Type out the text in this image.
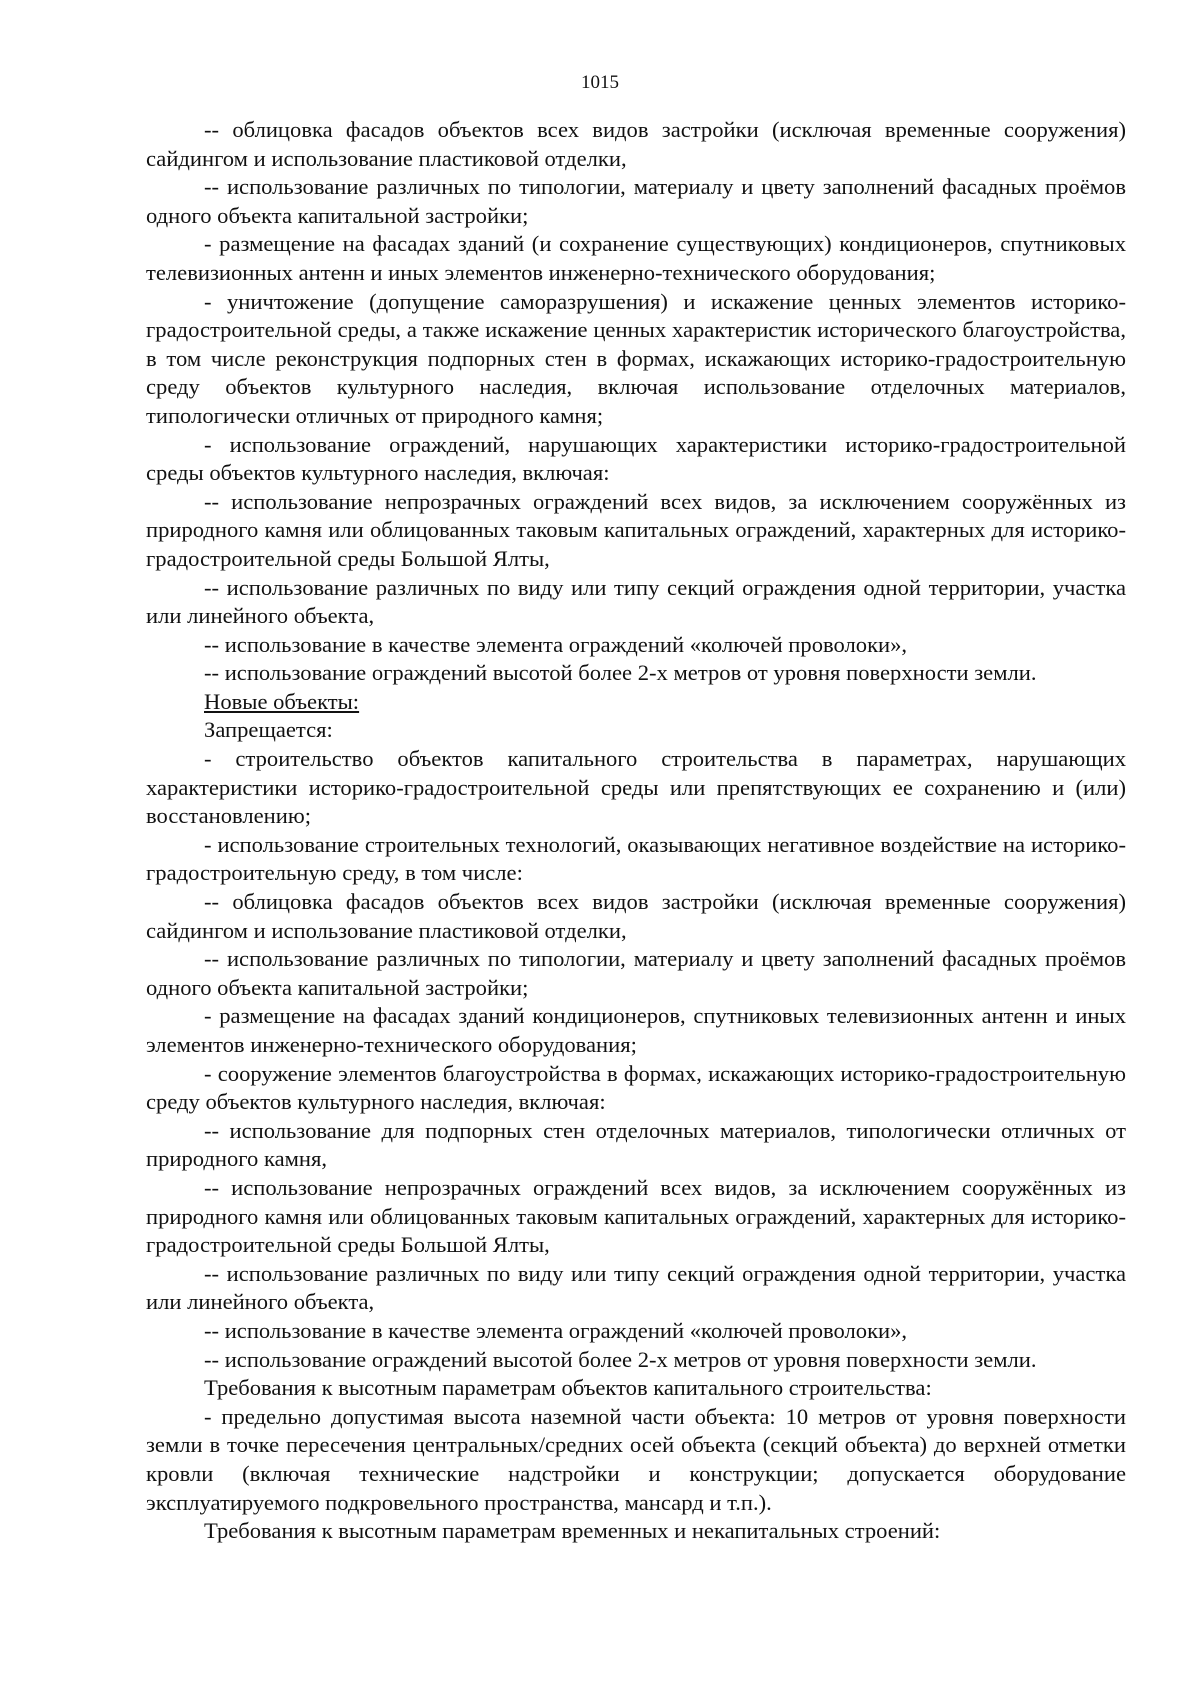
1015

-- облицовка фасадов объектов всех видов застройки (исключая временные сооружения) сайдингом и использование пластиковой отделки,

-- использование различных по типологии, материалу и цвету заполнений фасадных проёмов одного объекта капитальной застройки;

- размещение на фасадах зданий (и сохранение существующих) кондиционеров, спутниковых телевизионных антенн и иных элементов инженерно-технического оборудования;

- уничтожение (допущение саморазрушения) и искажение ценных элементов историко-градостроительной среды, а также искажение ценных характеристик исторического благоустройства, в том числе реконструкция подпорных стен в формах, искажающих историко-градостроительную среду объектов культурного наследия, включая использование отделочных материалов, типологически отличных от природного камня;

- использование ограждений, нарушающих характеристики историко-градостроительной среды объектов культурного наследия, включая:

-- использование непрозрачных ограждений всех видов, за исключением сооружённых из природного камня или облицованных таковым капитальных ограждений, характерных для историко-градостроительной среды Большой Ялты,

-- использование различных по виду или типу секций ограждения одной территории, участка или линейного объекта,

-- использование в качестве элемента ограждений «колючей проволоки»,

-- использование ограждений высотой более 2-х метров от уровня поверхности земли.

Новые объекты:

Запрещается:

- строительство объектов капитального строительства в параметрах, нарушающих характеристики историко-градостроительной среды или препятствующих ее сохранению и (или) восстановлению;

- использование строительных технологий, оказывающих негативное воздействие на историко-градостроительную среду, в том числе:

-- облицовка фасадов объектов всех видов застройки (исключая временные сооружения) сайдингом и использование пластиковой отделки,

-- использование различных по типологии, материалу и цвету заполнений фасадных проёмов одного объекта капитальной застройки;

- размещение на фасадах зданий кондиционеров, спутниковых телевизионных антенн и иных элементов инженерно-технического оборудования;

- сооружение элементов благоустройства в формах, искажающих историко-градостроительную среду объектов культурного наследия, включая:

-- использование для подпорных стен отделочных материалов, типологически отличных от природного камня,

-- использование непрозрачных ограждений всех видов, за исключением сооружённых из природного камня или облицованных таковым капитальных ограждений, характерных для историко-градостроительной среды Большой Ялты,

-- использование различных по виду или типу секций ограждения одной территории, участка или линейного объекта,

-- использование в качестве элемента ограждений «колючей проволоки»,

-- использование ограждений высотой более 2-х метров от уровня поверхности земли.

Требования к высотным параметрам объектов капитального строительства:

- предельно допустимая высота наземной части объекта: 10 метров от уровня поверхности земли в точке пересечения центральных/средних осей объекта (секций объекта) до верхней отметки кровли (включая технические надстройки и конструкции; допускается оборудование эксплуатируемого подкровельного пространства, мансард и т.п.).

Требования к высотным параметрам временных и некапитальных строений:
